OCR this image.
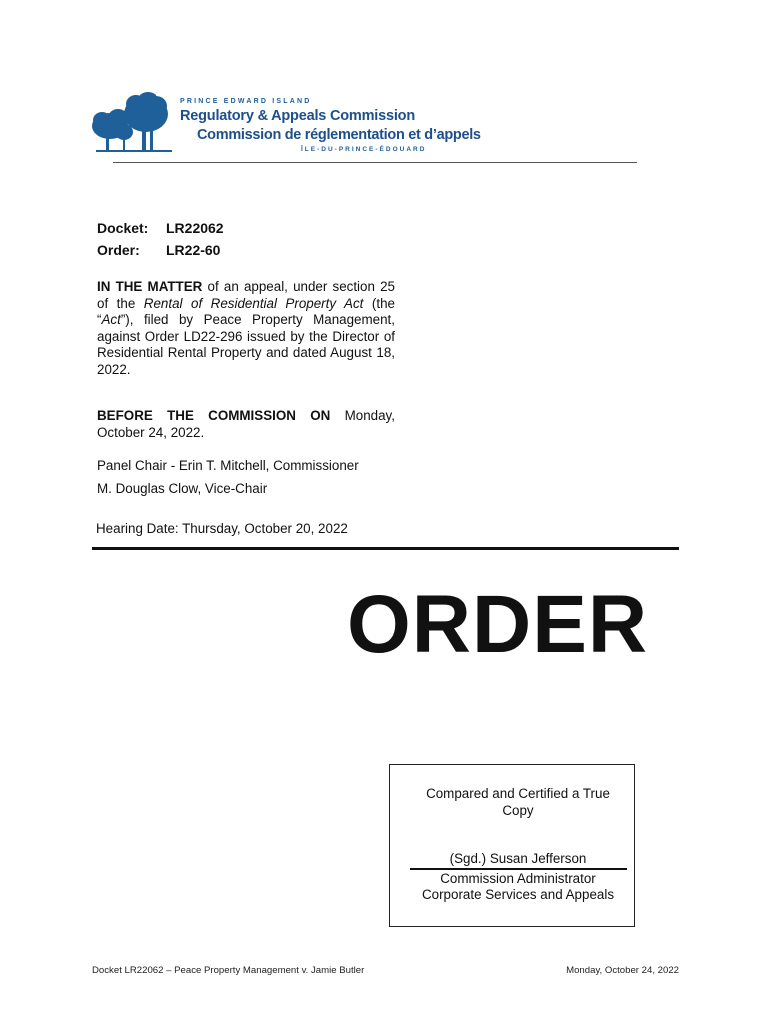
PRINCE EDWARD ISLAND
Regulatory & Appeals Commission
Commission de réglementation et d’appels
ÎLE-DU-PRINCE-ÉDOUARD
Docket: LR22062
Order: LR22-60
IN THE MATTER of an appeal, under section 25 of the Rental of Residential Property Act (the “Act”), filed by Peace Property Management, against Order LD22-296 issued by the Director of Residential Rental Property and dated August 18, 2022.
BEFORE THE COMMISSION ON Monday, October 24, 2022.
Panel Chair - Erin T. Mitchell, Commissioner
M. Douglas Clow, Vice-Chair
Hearing Date: Thursday, October 20, 2022
ORDER
Compared and Certified a True
Copy
(Sgd.) Susan Jefferson
Commission Administrator
Corporate Services and Appeals
Docket LR22062 – Peace Property Management v. Jamie Butler	Monday, October 24, 2022
